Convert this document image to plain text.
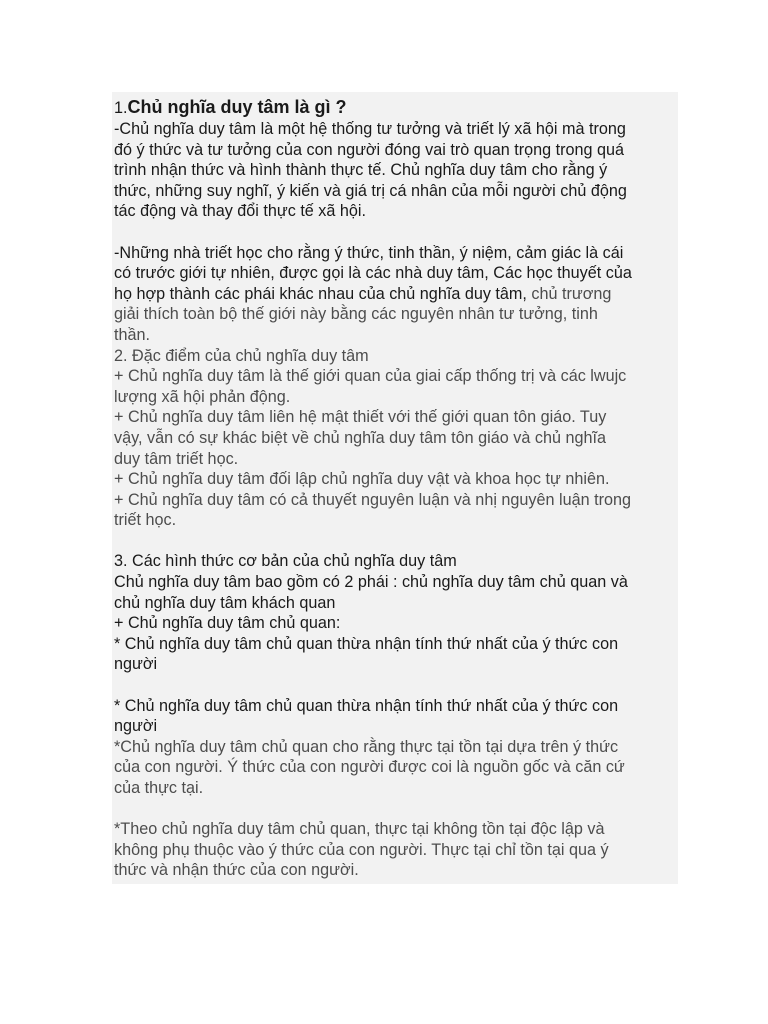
1.Chủ nghĩa duy tâm là gì ?
-Chủ nghĩa duy tâm là một hệ thống tư tưởng và triết lý xã hội mà trong
đó ý thức và tư tưởng của con người đóng vai trò quan trọng trong quá
trình nhận thức và hình thành thực tế. Chủ nghĩa duy tâm cho rằng ý
thức, những suy nghĩ, ý kiến và giá trị cá nhân của mỗi người chủ động
tác động và thay đổi thực tế xã hội.
-Những nhà triết học cho rằng ý thức, tinh thần, ý niệm, cảm giác là cái
có trước giới tự nhiên, được gọi là các nhà duy tâm, Các học thuyết của
họ hợp thành các phái khác nhau của chủ nghĩa duy tâm, chủ trương
giải thích toàn bộ thế giới này bằng các nguyên nhân tư tưởng, tinh
thần.
2. Đặc điểm của chủ nghĩa duy tâm
+ Chủ nghĩa duy tâm là thế giới quan của giai cấp thống trị và các lwujc
lượng xã hội phản động.
+ Chủ nghĩa duy tâm liên hệ mật thiết với thế giới quan tôn giáo. Tuy
vậy, vẫn có sự khác biệt về chủ nghĩa duy tâm tôn giáo và chủ nghĩa
duy tâm triết học.
+ Chủ nghĩa duy tâm đối lập chủ nghĩa duy vật và khoa học tự nhiên.
+ Chủ nghĩa duy tâm có cả thuyết nguyên luận và nhị nguyên luận trong
triết học.
3. Các hình thức cơ bản của chủ nghĩa duy tâm
Chủ nghĩa duy tâm bao gồm có 2 phái : chủ nghĩa duy tâm chủ quan và
chủ nghĩa duy tâm khách quan
+ Chủ nghĩa duy tâm chủ quan:
* Chủ nghĩa duy tâm chủ quan thừa nhận tính thứ nhất của ý thức con
người
* Chủ nghĩa duy tâm chủ quan thừa nhận tính thứ nhất của ý thức con
người
*Chủ nghĩa duy tâm chủ quan cho rằng thực tại tồn tại dựa trên ý thức
của con người. Ý thức của con người được coi là nguồn gốc và căn cứ
của thực tại.
*Theo chủ nghĩa duy tâm chủ quan, thực tại không tồn tại độc lập và
không phụ thuộc vào ý thức của con người. Thực tại chỉ tồn tại qua ý
thức và nhận thức của con người.
